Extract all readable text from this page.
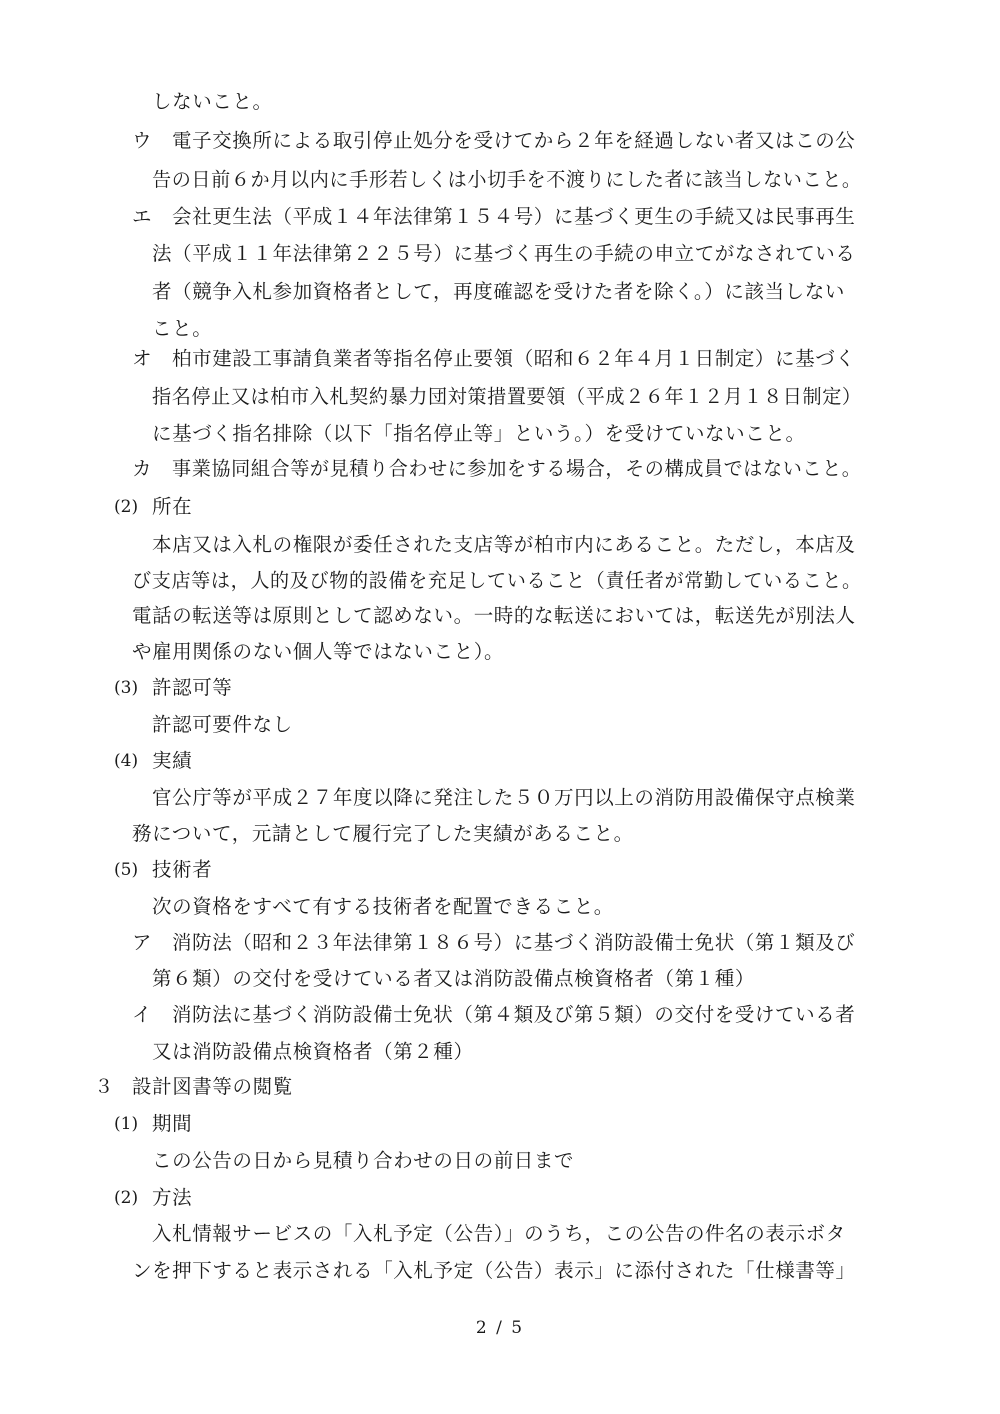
しないこと。
ウ 電子交換所による取引停止処分を受けてから２年を経過しない者又はこの公
告の日前６か月以内に手形若しくは小切手を不渡りにした者に該当しないこと。
エ 会社更生法（平成１４年法律第１５４号）に基づく更生の手続又は民事再生
法（平成１１年法律第２２５号）に基づく再生の手続の申立てがなされている
者（競争入札参加資格者として，再度確認を受けた者を除く。）に該当しない
こと。
オ 柏市建設工事請負業者等指名停止要領（昭和６２年４月１日制定）に基づく
指名停止又は柏市入札契約暴力団対策措置要領（平成２６年１２月１８日制定）
に基づく指名排除（以下「指名停止等」という。）を受けていないこと。
カ 事業協同組合等が見積り合わせに参加をする場合，その構成員ではないこと。
(2) 所在
本店又は入札の権限が委任された支店等が柏市内にあること。ただし，本店及
び支店等は，人的及び物的設備を充足していること（責任者が常勤していること。
電話の転送等は原則として認めない。一時的な転送においては，転送先が別法人
や雇用関係のない個人等ではないこと）。
(3) 許認可等
許認可要件なし
(4) 実績
官公庁等が平成２７年度以降に発注した５０万円以上の消防用設備保守点検業
務について，元請として履行完了した実績があること。
(5) 技術者
次の資格をすべて有する技術者を配置できること。
ア 消防法（昭和２３年法律第１８６号）に基づく消防設備士免状（第１類及び
第６類）の交付を受けている者又は消防設備点検資格者（第１種）
イ 消防法に基づく消防設備士免状（第４類及び第５類）の交付を受けている者
又は消防設備点検資格者（第２種）
３ 設計図書等の閲覧
(1) 期間
この公告の日から見積り合わせの日の前日まで
(2) 方法
入札情報サービスの「入札予定（公告）」のうち，この公告の件名の表示ボタ
ンを押下すると表示される「入札予定（公告）表示」に添付された「仕様書等」
2 / 5
